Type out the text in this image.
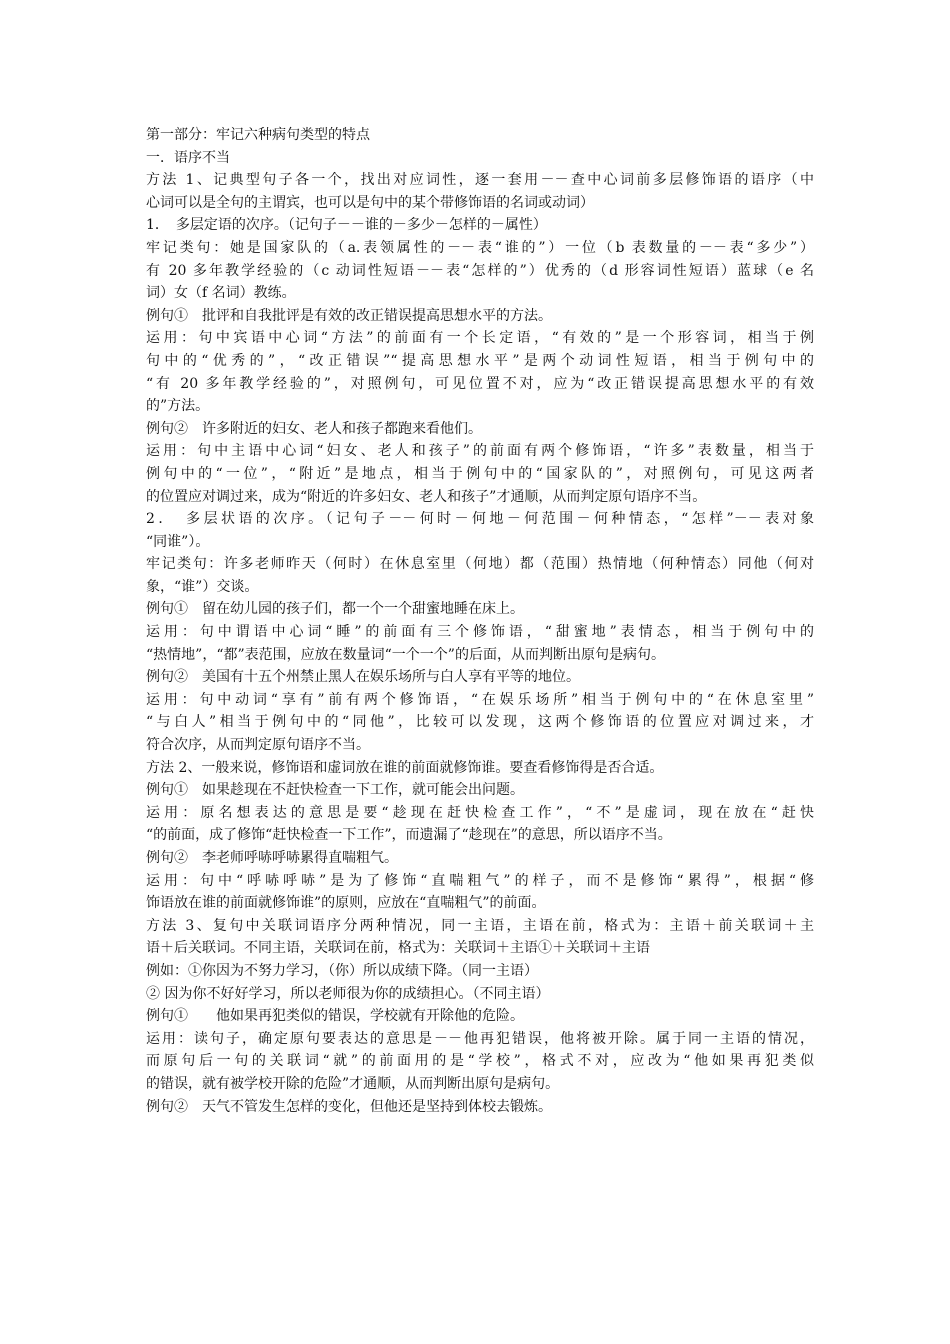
第一部分：牢记六种病句类型的特点
一．语序不当
方法 1、记典型句子各一个，找出对应词性，逐一套用－－查中心词前多层修饰语的语序（中
心词可以是全句的主谓宾，也可以是句中的某个带修饰语的名词或动词）
1．　多层定语的次序。（记句子－－谁的－多少－怎样的－属性）
牢记类句：她是国家队的（a.表领属性的－－表“谁的”）一位（b 表数量的－－表“多少”）
有 20 多年教学经验的（c 动词性短语－－表“怎样的”）优秀的（d 形容词性短语）蓝球（e 名
词）女（f 名词）教练。
例句①　批评和自我批评是有效的改正错误提高思想水平的方法。
运用：句中宾语中心词“方法”的前面有一个长定语，“有效的”是一个形容词，相当于例
句中的“优秀的”，“改正错误”“提高思想水平”是两个动词性短语，相当于例句中的
“有 20 多年教学经验的”，对照例句，可见位置不对，应为“改正错误提高思想水平的有效
的”方法。
例句②　许多附近的妇女、老人和孩子都跑来看他们。
运用：句中主语中心词“妇女、老人和孩子”的前面有两个修饰语，“许多”表数量，相当于
例句中的“一位”，“附近”是地点，相当于例句中的“国家队的”，对照例句，可见这两者
的位置应对调过来，成为“附近的许多妇女、老人和孩子”才通顺，从而判定原句语序不当。
2．　多层状语的次序。（记句子－－何时－何地－何范围－何种情态，“怎样”－－表对象
“同谁”）。
牢记类句：许多老师昨天（何时）在休息室里（何地）都（范围）热情地（何种情态）同他（何对
象，“谁”）交谈。
例句①　留在幼儿园的孩子们，都一个一个甜蜜地睡在床上。
运用：句中谓语中心词“睡”的前面有三个修饰语，“甜蜜地”表情态，相当于例句中的
“热情地”，“都”表范围，应放在数量词“一个一个”的后面，从而判断出原句是病句。
例句②　美国有十五个州禁止黑人在娱乐场所与白人享有平等的地位。
运用：句中动词“享有”前有两个修饰语，“在娱乐场所”相当于例句中的“在休息室里”
“与白人”相当于例句中的“同他”，比较可以发现，这两个修饰语的位置应对调过来，才
符合次序，从而判定原句语序不当。
方法 2、一般来说，修饰语和虚词放在谁的前面就修饰谁。要查看修饰得是否合适。
例句①　如果趁现在不赶快检查一下工作，就可能会出问题。
运用：原名想表达的意思是要“趁现在赶快检查工作”，“不”是虚词，现在放在“赶快
“的前面，成了修饰“赶快检查一下工作”，而遗漏了“趁现在”的意思，所以语序不当。
例句②　李老师呼哧呼哧累得直喘粗气。
运用：句中“呼哧呼哧”是为了修饰“直喘粗气”的样子，而不是修饰“累得”，根据“修
饰语放在谁的前面就修饰谁”的原则，应放在“直喘粗气”的前面。
方法 3、复句中关联词语序分两种情况，同一主语，主语在前，格式为：主语＋前关联词＋主
语＋后关联词。不同主语，关联词在前，格式为：关联词＋主语①＋关联词＋主语
例如：①你因为不努力学习，（你）所以成绩下降。（同一主语）
② 因为你不好好学习，所以老师很为你的成绩担心。（不同主语）
例句①　　他如果再犯类似的错误，学校就有开除他的危险。
运用：读句子，确定原句要表达的意思是－－他再犯错误，他将被开除。属于同一主语的情况，
而原句后一句的关联词“就”的前面用的是“学校”，格式不对，应改为“他如果再犯类似
的错误，就有被学校开除的危险”才通顺，从而判断出原句是病句。
例句②　天气不管发生怎样的变化，但他还是坚持到体校去锻炼。
